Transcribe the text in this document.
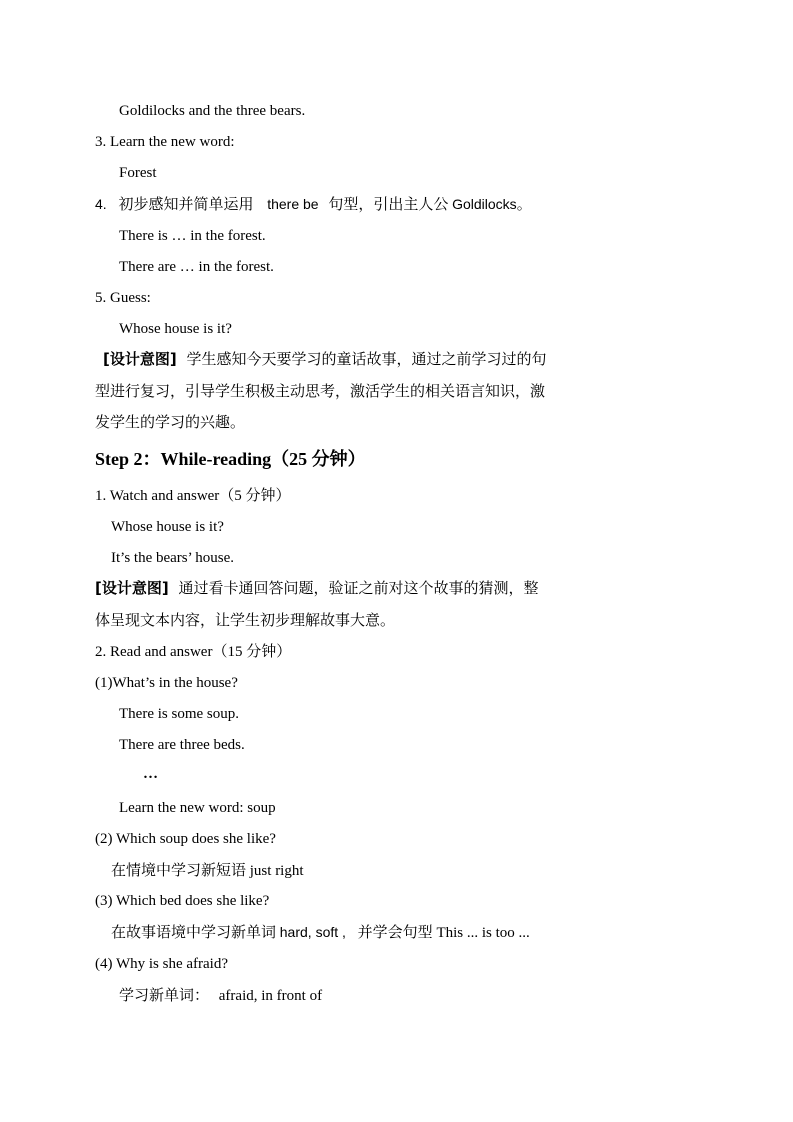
Goldilocks and the three bears.
3. Learn the new word:
Forest
4. 初步感知并简单运用 there be 句型，引出主人公 Goldilocks。
There is … in the forest.
There are … in the forest.
5. Guess:
Whose house is it?
[设计意图] 学生感知今天要学习的童话故事，通过之前学习过的句
型进行复习，引导学生积极主动思考，激活学生的相关语言知识，激
发学生的学习的兴趣。
Step 2：While-reading（25 分钟）
1. Watch and answer（5 分钟）
Whose house is it?
It’s the bears’ house.
[设计意图] 通过看卡通回答问题，验证之前对这个故事的猜测，整
体呈现文本内容，让学生初步理解故事大意。
2. Read and answer（15 分钟）
(1)What’s in the house?
There is some soup.
There are three beds.
…
Learn the new word: soup
(2) Which soup does she like?
在情境中学习新短语 just right
(3) Which bed does she like?
在故事语境中学习新单词 hard, soft , 并学会句型 This ... is too ...
(4) Why is she afraid?
学习新单词： afraid, in front of
